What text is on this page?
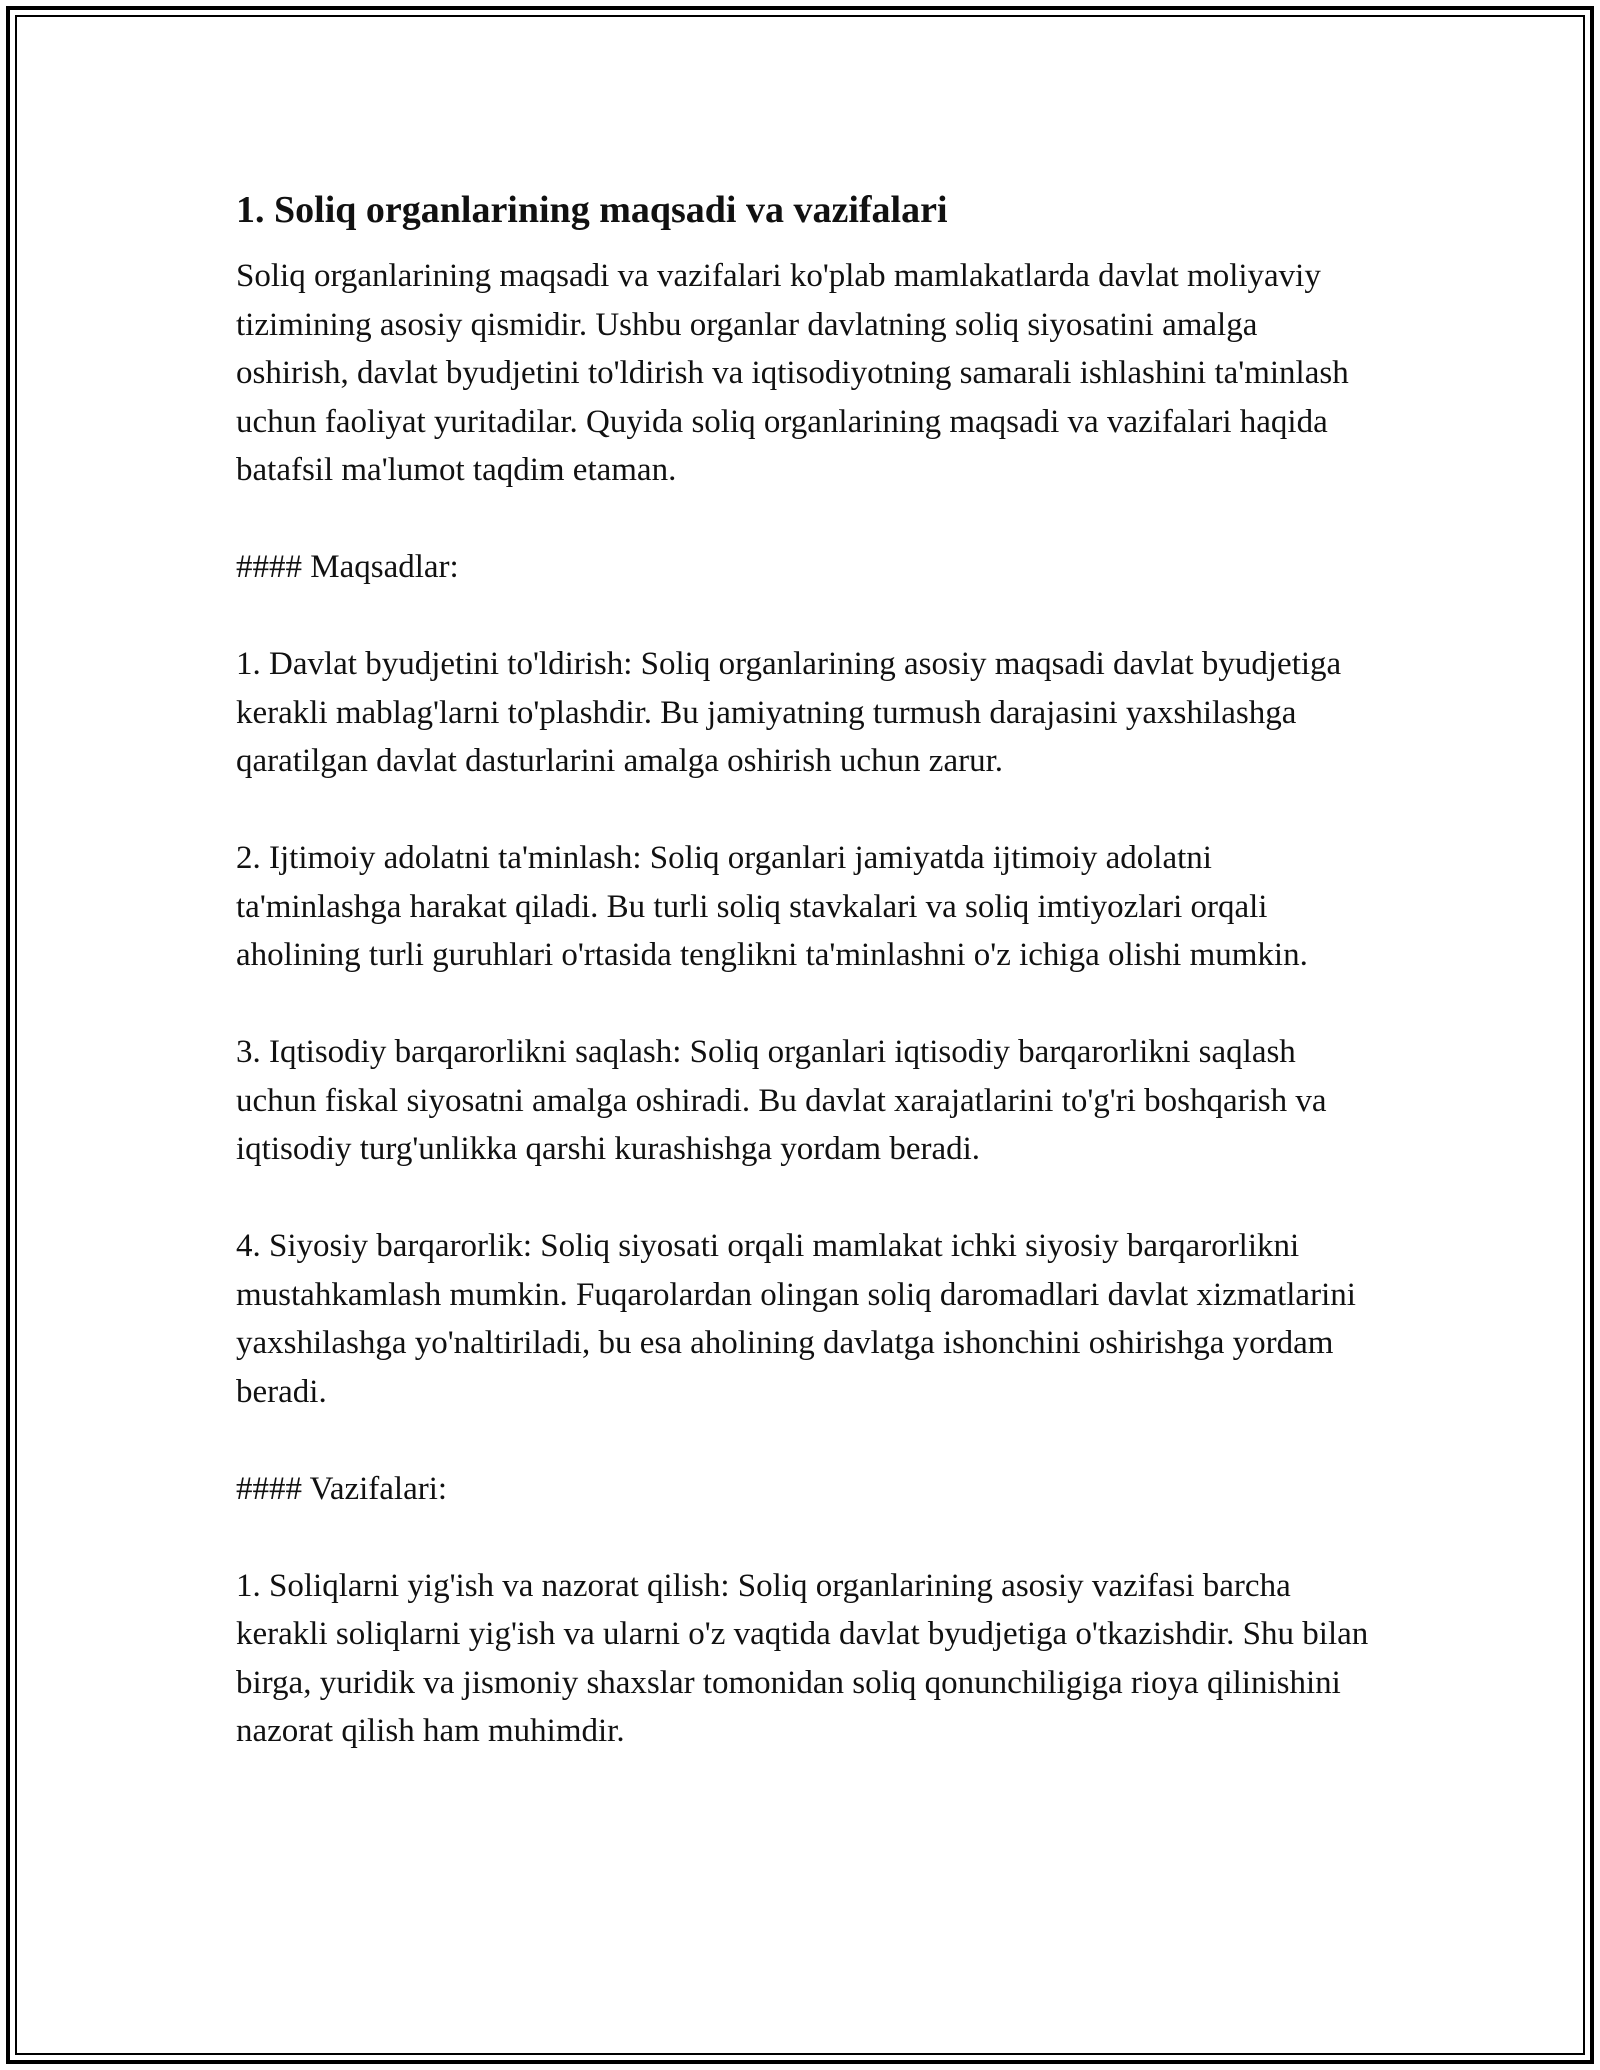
1. Soliq organlarining maqsadi va vazifalari

Soliq organlarining maqsadi va vazifalari ko'plab mamlakatlarda davlat moliyaviy tizimining asosiy qismidir. Ushbu organlar davlatning soliq siyosatini amalga oshirish, davlat byudjetini to'ldirish va iqtisodiyotning samarali ishlashini ta'minlash uchun faoliyat yuritadilar. Quyida soliq organlarining maqsadi va vazifalari haqida batafsil ma'lumot taqdim etaman.

#### Maqsadlar:

1. Davlat byudjetini to'ldirish: Soliq organlarining asosiy maqsadi davlat byudjetiga kerakli mablag'larni to'plashdir. Bu jamiyatning turmush darajasini yaxshilashga qaratilgan davlat dasturlarini amalga oshirish uchun zarur.

2. Ijtimoiy adolatni ta'minlash: Soliq organlari jamiyatda ijtimoiy adolatni ta'minlashga harakat qiladi. Bu turli soliq stavkalari va soliq imtiyozlari orqali aholining turli guruhlari o'rtasida tenglikni ta'minlashni o'z ichiga olishi mumkin.

3. Iqtisodiy barqarorlikni saqlash: Soliq organlari iqtisodiy barqarorlikni saqlash uchun fiskal siyosatni amalga oshiradi. Bu davlat xarajatlarini to'g'ri boshqarish va iqtisodiy turg'unlikka qarshi kurashishga yordam beradi.

4. Siyosiy barqarorlik: Soliq siyosati orqali mamlakat ichki siyosiy barqarorlikni mustahkamlash mumkin. Fuqarolardan olingan soliq daromadlari davlat xizmatlarini yaxshilashga yo'naltiriladi, bu esa aholining davlatga ishonchini oshirishga yordam beradi.

#### Vazifalari:

1. Soliqlarni yig'ish va nazorat qilish: Soliq organlarining asosiy vazifasi barcha kerakli soliqlarni yig'ish va ularni o'z vaqtida davlat byudjetiga o'tkazishdir. Shu bilan birga, yuridik va jismoniy shaxslar tomonidan soliq qonunchiligiga rioya qilinishini nazorat qilish ham muhimdir.
